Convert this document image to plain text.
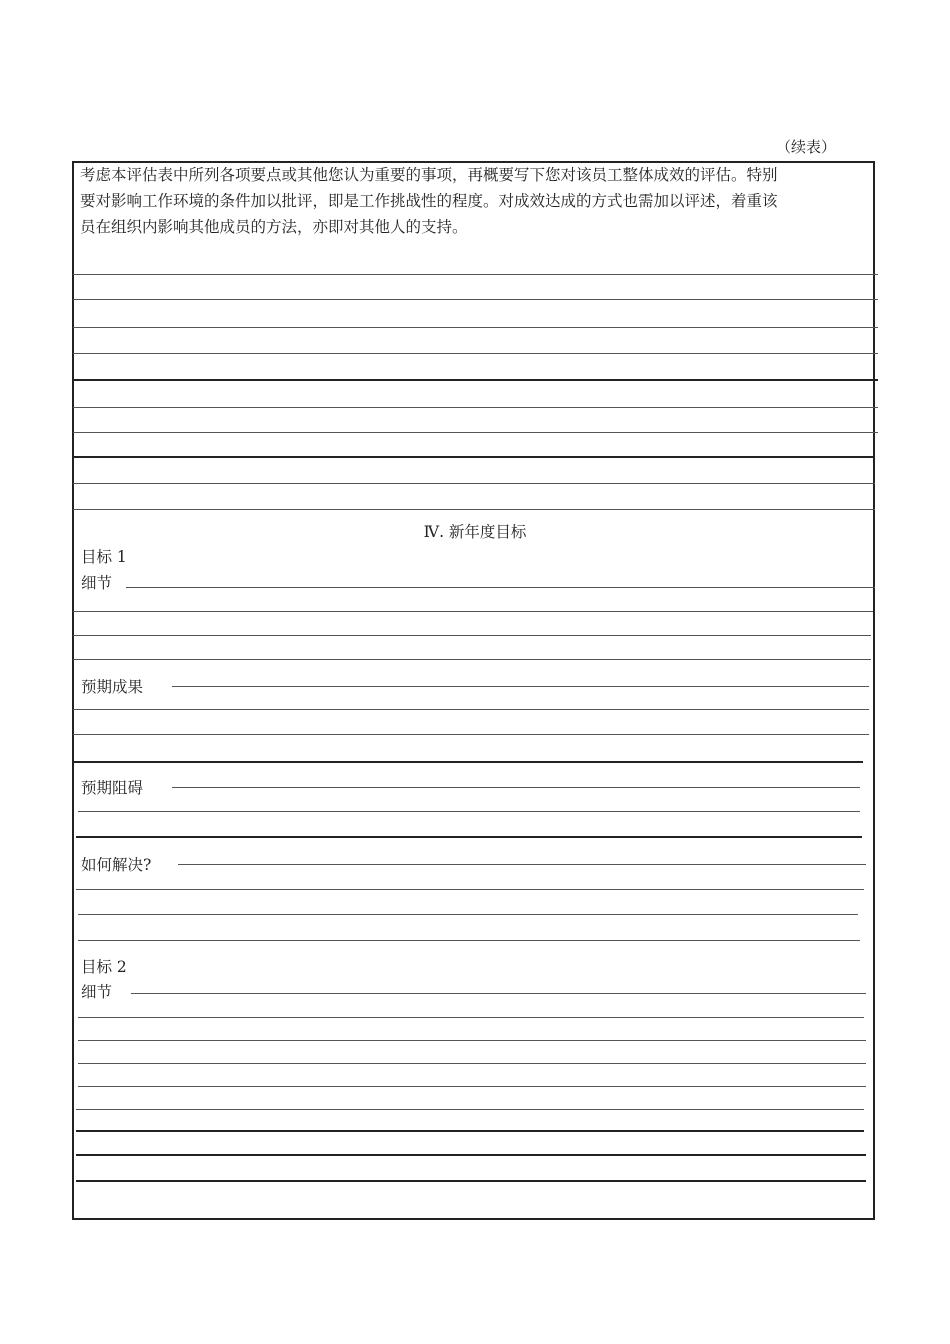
（续表）
考虑本评估表中所列各项要点或其他您认为重要的事项，再概要写下您对该员工整体成效的评估。特别要对影响工作环境的条件加以批评，即是工作挑战性的程度。对成效达成的方式也需加以评述，着重该员在组织内影响其他成员的方法，亦即对其他人的支持。
Ⅳ. 新年度目标
目标 1
细节
预期成果
预期阻碍
如何解决?
目标 2
细节
